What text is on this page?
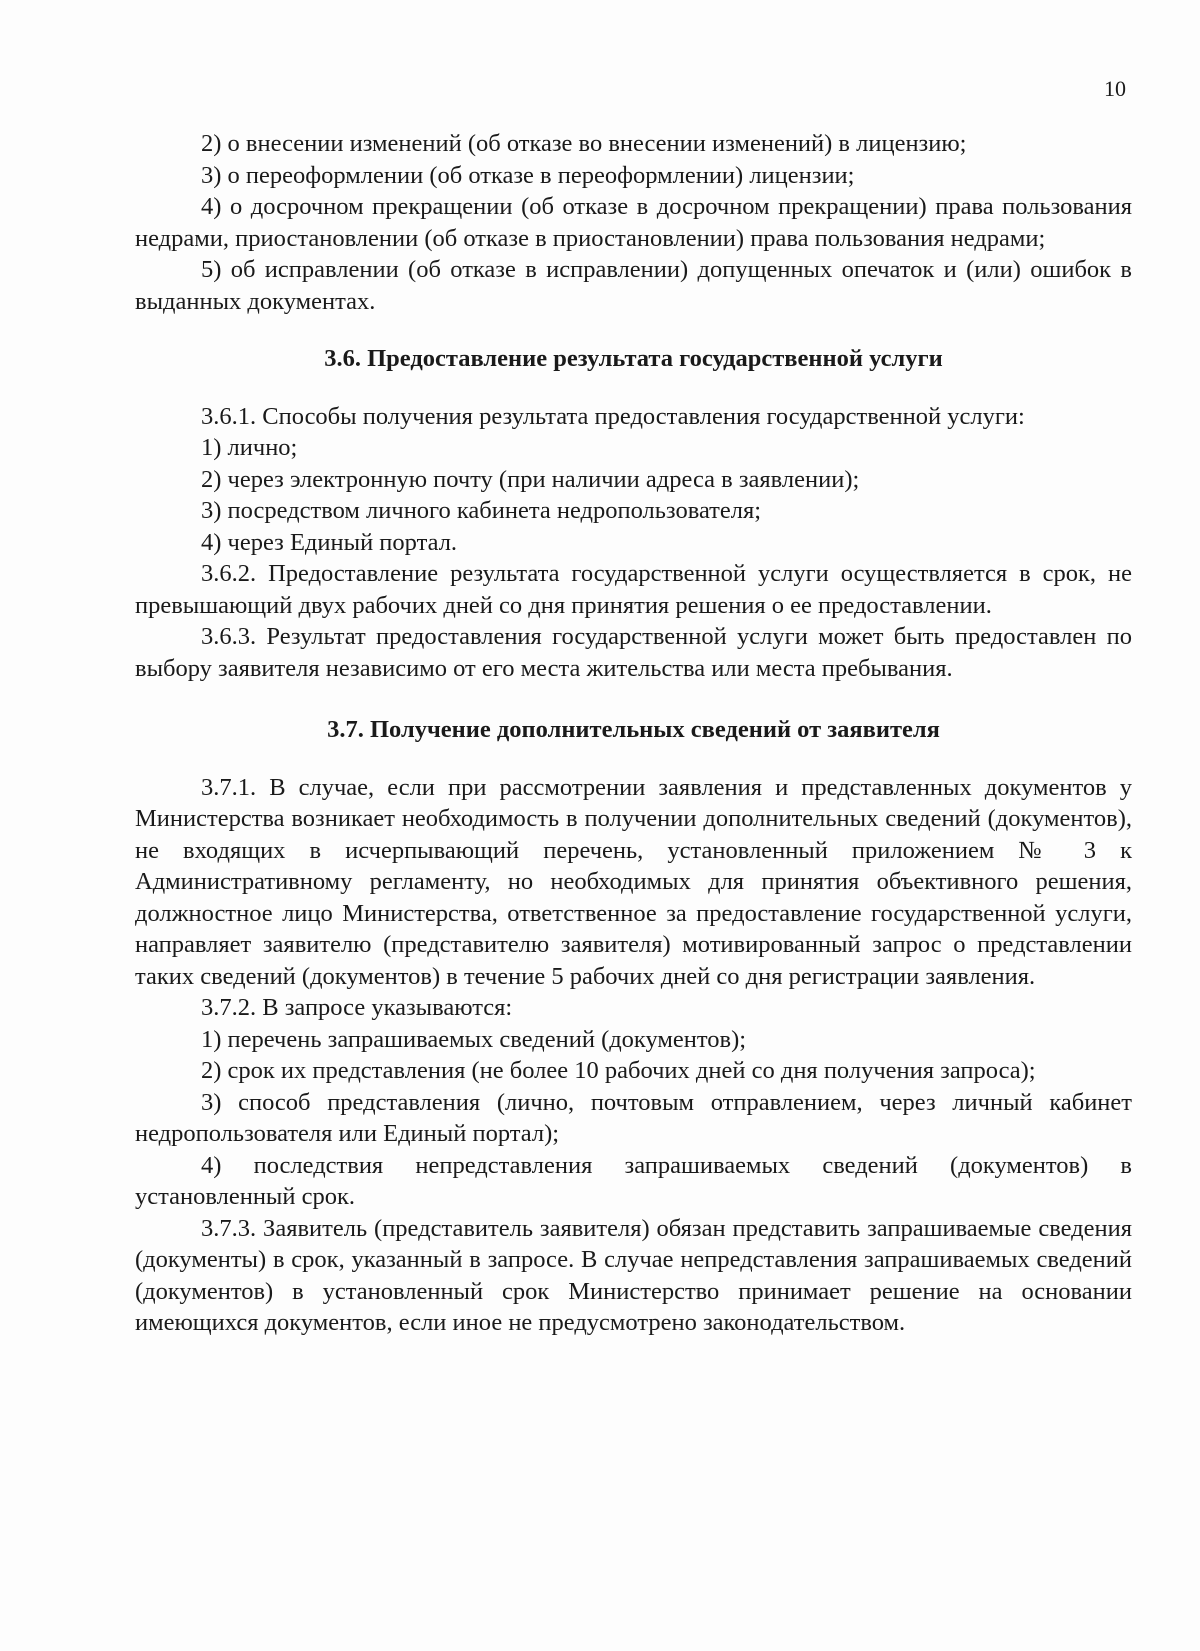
10

2) о внесении изменений (об отказе во внесении изменений) в лицензию;

3) о переоформлении (об отказе в переоформлении) лицензии;

4) о досрочном прекращении (об отказе в досрочном прекращении) права пользования недрами, приостановлении (об отказе в приостановлении) права пользования недрами;

5) об исправлении (об отказе в исправлении) допущенных опечаток и (или) ошибок в выданных документах.

3.6. Предоставление результата государственной услуги

3.6.1. Способы получения результата предоставления государственной услуги:

1) лично;

2) через электронную почту (при наличии адреса в заявлении);

3) посредством личного кабинета недропользователя;

4) через Единый портал.

3.6.2. Предоставление результата государственной услуги осуществляется в срок, не превышающий двух рабочих дней со дня принятия решения о ее предоставлении.

3.6.3. Результат предоставления государственной услуги может быть предоставлен по выбору заявителя независимо от его места жительства или места пребывания.

3.7. Получение дополнительных сведений от заявителя

3.7.1. В случае, если при рассмотрении заявления и представленных документов у Министерства возникает необходимость в получении дополнительных сведений (документов), не входящих в исчерпывающий перечень, установленный приложением № 3 к Административному регламенту, но необходимых для принятия объективного решения, должностное лицо Министерства, ответственное за предоставление государственной услуги, направляет заявителю (представителю заявителя) мотивированный запрос о представлении таких сведений (документов) в течение 5 рабочих дней со дня регистрации заявления.

3.7.2. В запросе указываются:

1) перечень запрашиваемых сведений (документов);

2) срок их представления (не более 10 рабочих дней со дня получения запроса);

3) способ представления (лично, почтовым отправлением, через личный кабинет недропользователя или Единый портал);

4) последствия непредставления запрашиваемых сведений (документов) в установленный срок.

3.7.3. Заявитель (представитель заявителя) обязан представить запрашиваемые сведения (документы) в срок, указанный в запросе. В случае непредставления запрашиваемых сведений (документов) в установленный срок Министерство принимает решение на основании имеющихся документов, если иное не предусмотрено законодательством.
